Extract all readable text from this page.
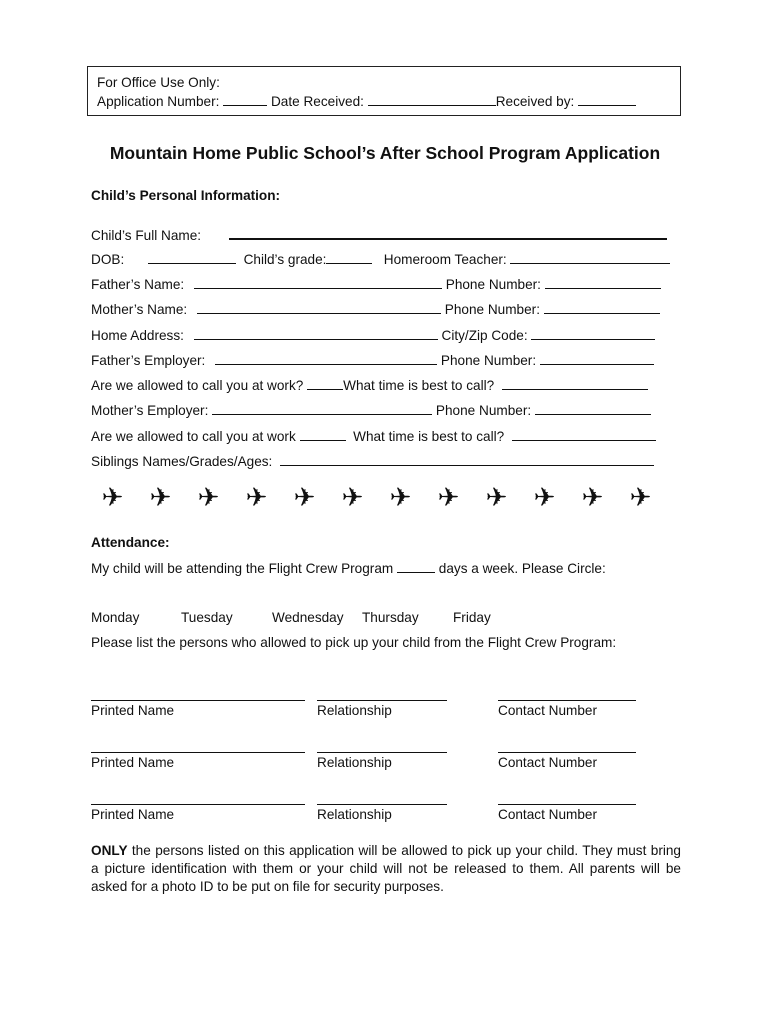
For Office Use Only:
Application Number:	Date Received:	Received by:
Mountain Home Public School’s After School Program Application
Child’s Personal Information:
Child’s Full Name:
DOB:	Child’s grade:	Homeroom Teacher:
Father’s Name:	Phone Number:
Mother’s Name:	Phone Number:
Home Address:	City/Zip Code:
Father’s Employer:	Phone Number:
Are we allowed to call you at work?	What time is best to call?
Mother’s Employer:	Phone Number:
Are we allowed to call you at work	What time is best to call?
Siblings Names/Grades/Ages:
✈ ✈ ✈ ✈ ✈ ✈ ✈ ✈ ✈ ✈ ✈ ✈
Attendance:
My child will be attending the Flight Crew Program	days a week. Please Circle:
Monday	Tuesday	Wednesday Thursday	Friday
Please list the persons who allowed to pick up your child from the Flight Crew Program:
Printed Name	Relationship	Contact Number
Printed Name	Relationship	Contact Number
Printed Name	Relationship	Contact Number
ONLY the persons listed on this application will be allowed to pick up your child. They must bring a picture identification with them or your child will not be released to them. All parents will be asked for a photo ID to be put on file for security purposes.
